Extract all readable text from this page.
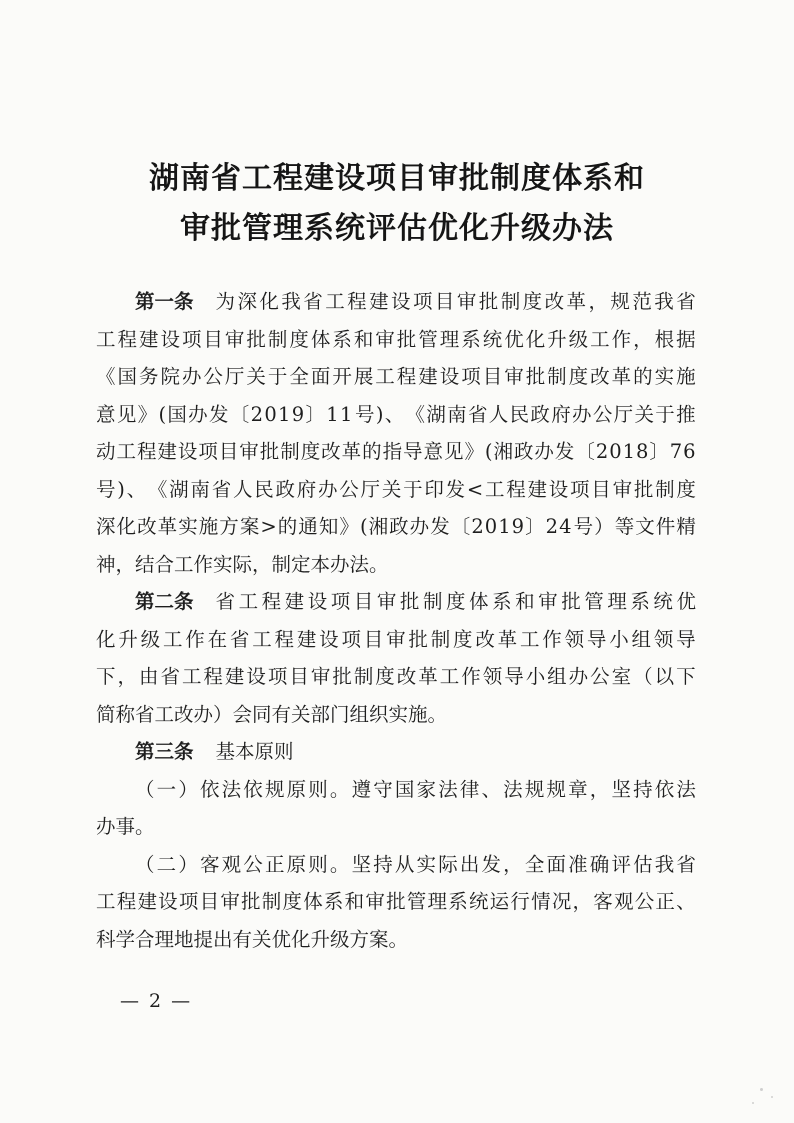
湖南省工程建设项目审批制度体系和
审批管理系统评估优化升级办法
第一条 为 深 化 我 省 工 程 建 设 项 目 审 批 制 度 改 革 ， 规 范 我 省
工 程 建 设 项 目 审 批 制 度 体 系 和 审 批 管 理 系 统 优 化 升 级 工 作 ， 根 据
《 国 务 院 办 公 厅 关 于 全 面 开 展 工 程 建 设 项 目 审 批 制 度 改 革 的 实 施
意 见 》 ( 国 办 发 〔 2 0 1 9 〕 1 1 号 ) 、 《 湖 南 省 人 民 政 府 办 公 厅 关 于 推
动 工 程 建 设 项 目 审 批 制 度 改 革 的 指 导 意 见 》 ( 湘 政 办 发 〔 2 0 1 8 〕 7 6
号 ) 、 《 湖 南 省 人 民 政 府 办 公 厅 关 于 印 发 < 工 程 建 设 项 目 审 批 制 度
深 化 改 革 实 施 方 案 > 的 通 知 》 ( 湘 政 办 发 〔 2 0 1 9 〕 2 4 号 ） 等 文 件 精
神，结合工作实际，制定本办法。
第二条 省 工 程 建 设 项 目 审 批 制 度 体 系 和 审 批 管 理 系 统 优
化 升 级 工 作 在 省 工 程 建 设 项 目 审 批 制 度 改 革 工 作 领 导 小 组 领 导
下 ， 由 省 工 程 建 设 项 目 审 批 制 度 改 革 工 作 领 导 小 组 办 公 室 （ 以 下
简称省工改办）会同有关部门组织实施。
第三条 基本原则
（ 一 ） 依 法 依 规 原 则 。 遵 守 国 家 法 律 、 法 规 规 章 ， 坚 持 依 法
办事。
（ 二 ） 客 观 公 正 原 则 。 坚 持 从 实 际 出 发 ， 全 面 准 确 评 估 我 省
工 程 建 设 项 目 审 批 制 度 体 系 和 审 批 管 理 系 统 运 行 情 况 ， 客 观 公 正 、
科学合理地提出有关优化升级方案。
— 2 —
